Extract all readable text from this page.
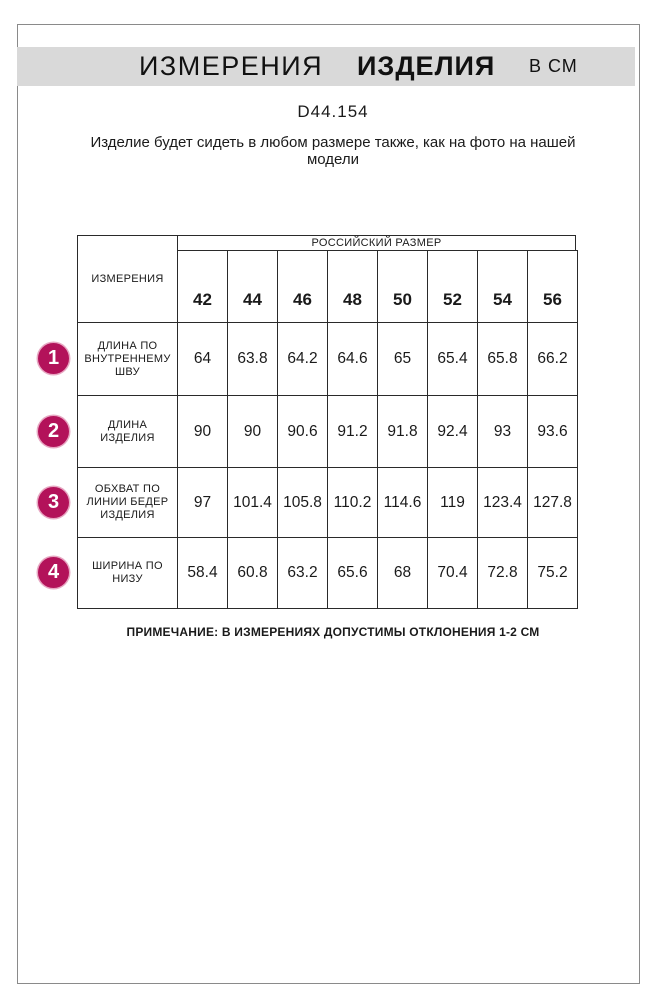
ИЗМЕРЕНИЯ ИЗДЕЛИЯ В СМ
D44.154
Изделие будет сидеть в любом размере также, как на фото на нашей модели
ИЗМЕРЕНИЯ
РОССИЙСКИЙ РАЗМЕР
42	44	46	48	50	52	54	56
ДЛИНА ПО ВНУТРЕННЕМУ ШВУ
64	63.8	64.2	64.6	65	65.4	65.8	66.2
ДЛИНА ИЗДЕЛИЯ	90	90	90.6	91.2	91.8	92.4	93	93.6
ОБХВАТ ПО ЛИНИИ БЕДЕР ИЗДЕЛИЯ
97	101.4 105.8 110.2 114.6	119	123.4 127.8
ШИРИНА ПО НИЗУ	58.4	60.8	63.2	65.6	68	70.4	72.8	75.2
ПРИМЕЧАНИЕ: В ИЗМЕРЕНИЯХ ДОПУСТИМЫ ОТКЛОНЕНИЯ 1-2 СМ
1
2
3
4
